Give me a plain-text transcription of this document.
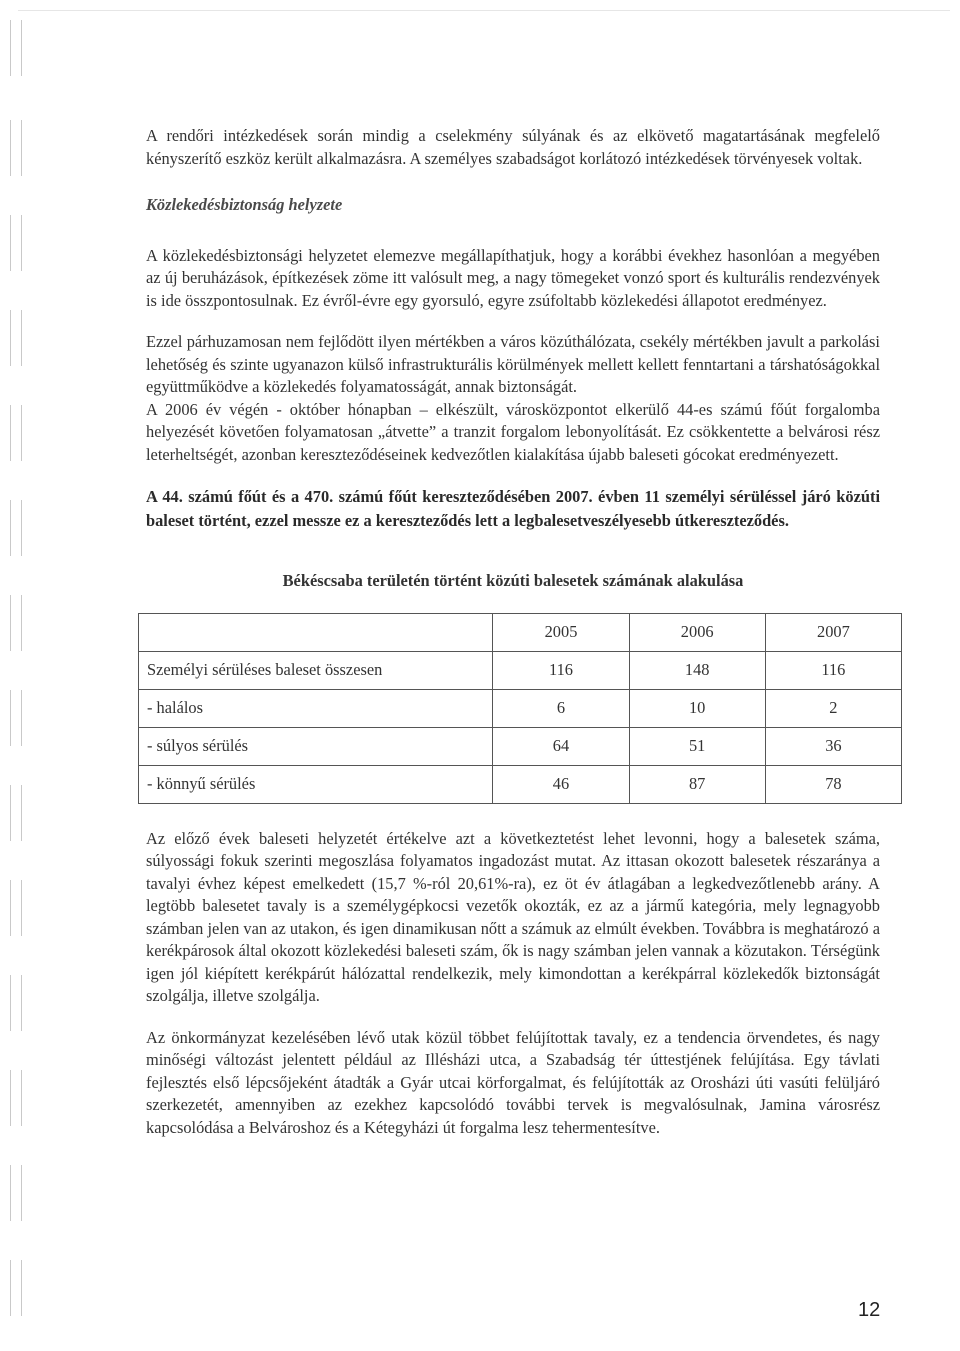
A rendőri intézkedések során mindig a cselekmény súlyának és az elkövető magatartásának megfelelő kényszerítő eszköz került alkalmazásra. A személyes szabadságot korlátozó intézkedések törvényesek voltak.

Közlekedésbiztonság helyzete

A közlekedésbiztonsági helyzetet elemezve megállapíthatjuk, hogy a korábbi évekhez hasonlóan a megyében az új beruházások, építkezések zöme itt valósult meg, a nagy tömegeket vonzó sport és kulturális rendezvények is ide összpontosulnak. Ez évről-évre egy gyorsuló, egyre zsúfoltabb közlekedési állapotot eredményez.

Ezzel párhuzamosan nem fejlődött ilyen mértékben a város közúthálózata, csekély mértékben javult a parkolási lehetőség és szinte ugyanazon külső infrastrukturális körülmények mellett kellett fenntartani a társhatóságokkal együttműködve a közlekedés folyamatosságát, annak biztonságát.

A 2006 év végén - október hónapban – elkészült, városközpontot elkerülő 44-es számú főút forgalomba helyezését követően folyamatosan „átvette” a tranzit forgalom lebonyolítását. Ez csökkentette a belvárosi rész leterheltségét, azonban kereszteződéseinek kedvezőtlen kialakítása újabb baleseti gócokat eredményezett.

A 44. számú főút és a 470. számú főút kereszteződésében 2007. évben 11 személyi sérüléssel járó közúti baleset történt, ezzel messze ez a kereszteződés lett a legbalesetveszélyesebb útkereszteződés.

Békéscsaba területén történt közúti balesetek számának alakulása

	2005	2006	2007
Személyi sérüléses baleset összesen	116	148	116
- halálos	6	10	2
- súlyos sérülés	64	51	36
- könnyű sérülés	46	87	78

Az előző évek baleseti helyzetét értékelve azt a következtetést lehet levonni, hogy a balesetek száma, súlyossági fokuk szerinti megoszlása folyamatos ingadozást mutat. Az ittasan okozott balesetek részaránya a tavalyi évhez képest emelkedett (15,7 %-ról 20,61%-ra), ez öt év átlagában a legkedvezőtlenebb arány. A legtöbb balesetet tavaly is a személygépkocsi vezetők okozták, ez az a jármű kategória, mely legnagyobb számban jelen van az utakon, és igen dinamikusan nőtt a számuk az elmúlt években. Továbbra is meghatározó a kerékpárosok által okozott közlekedési baleseti szám, ők is nagy számban jelen vannak a közutakon. Térségünk igen jól kiépített kerékpárút hálózattal rendelkezik, mely kimondottan a kerékpárral közlekedők biztonságát szolgálja, illetve szolgálja.

Az önkormányzat kezelésében lévő utak közül többet felújítottak tavaly, ez a tendencia örvendetes, és nagy minőségi változást jelentett például az Illésházi utca, a Szabadság tér úttestjének felújítása. Egy távlati fejlesztés első lépcsőjeként átadták a Gyár utcai körforgalmat, és felújították az Orosházi úti vasúti felüljáró szerkezetét, amennyiben az ezekhez kapcsolódó további tervek is megvalósulnak, Jamina városrész kapcsolódása a Belvároshoz és a Kétegyházi út forgalma lesz tehermentesítve.

12
